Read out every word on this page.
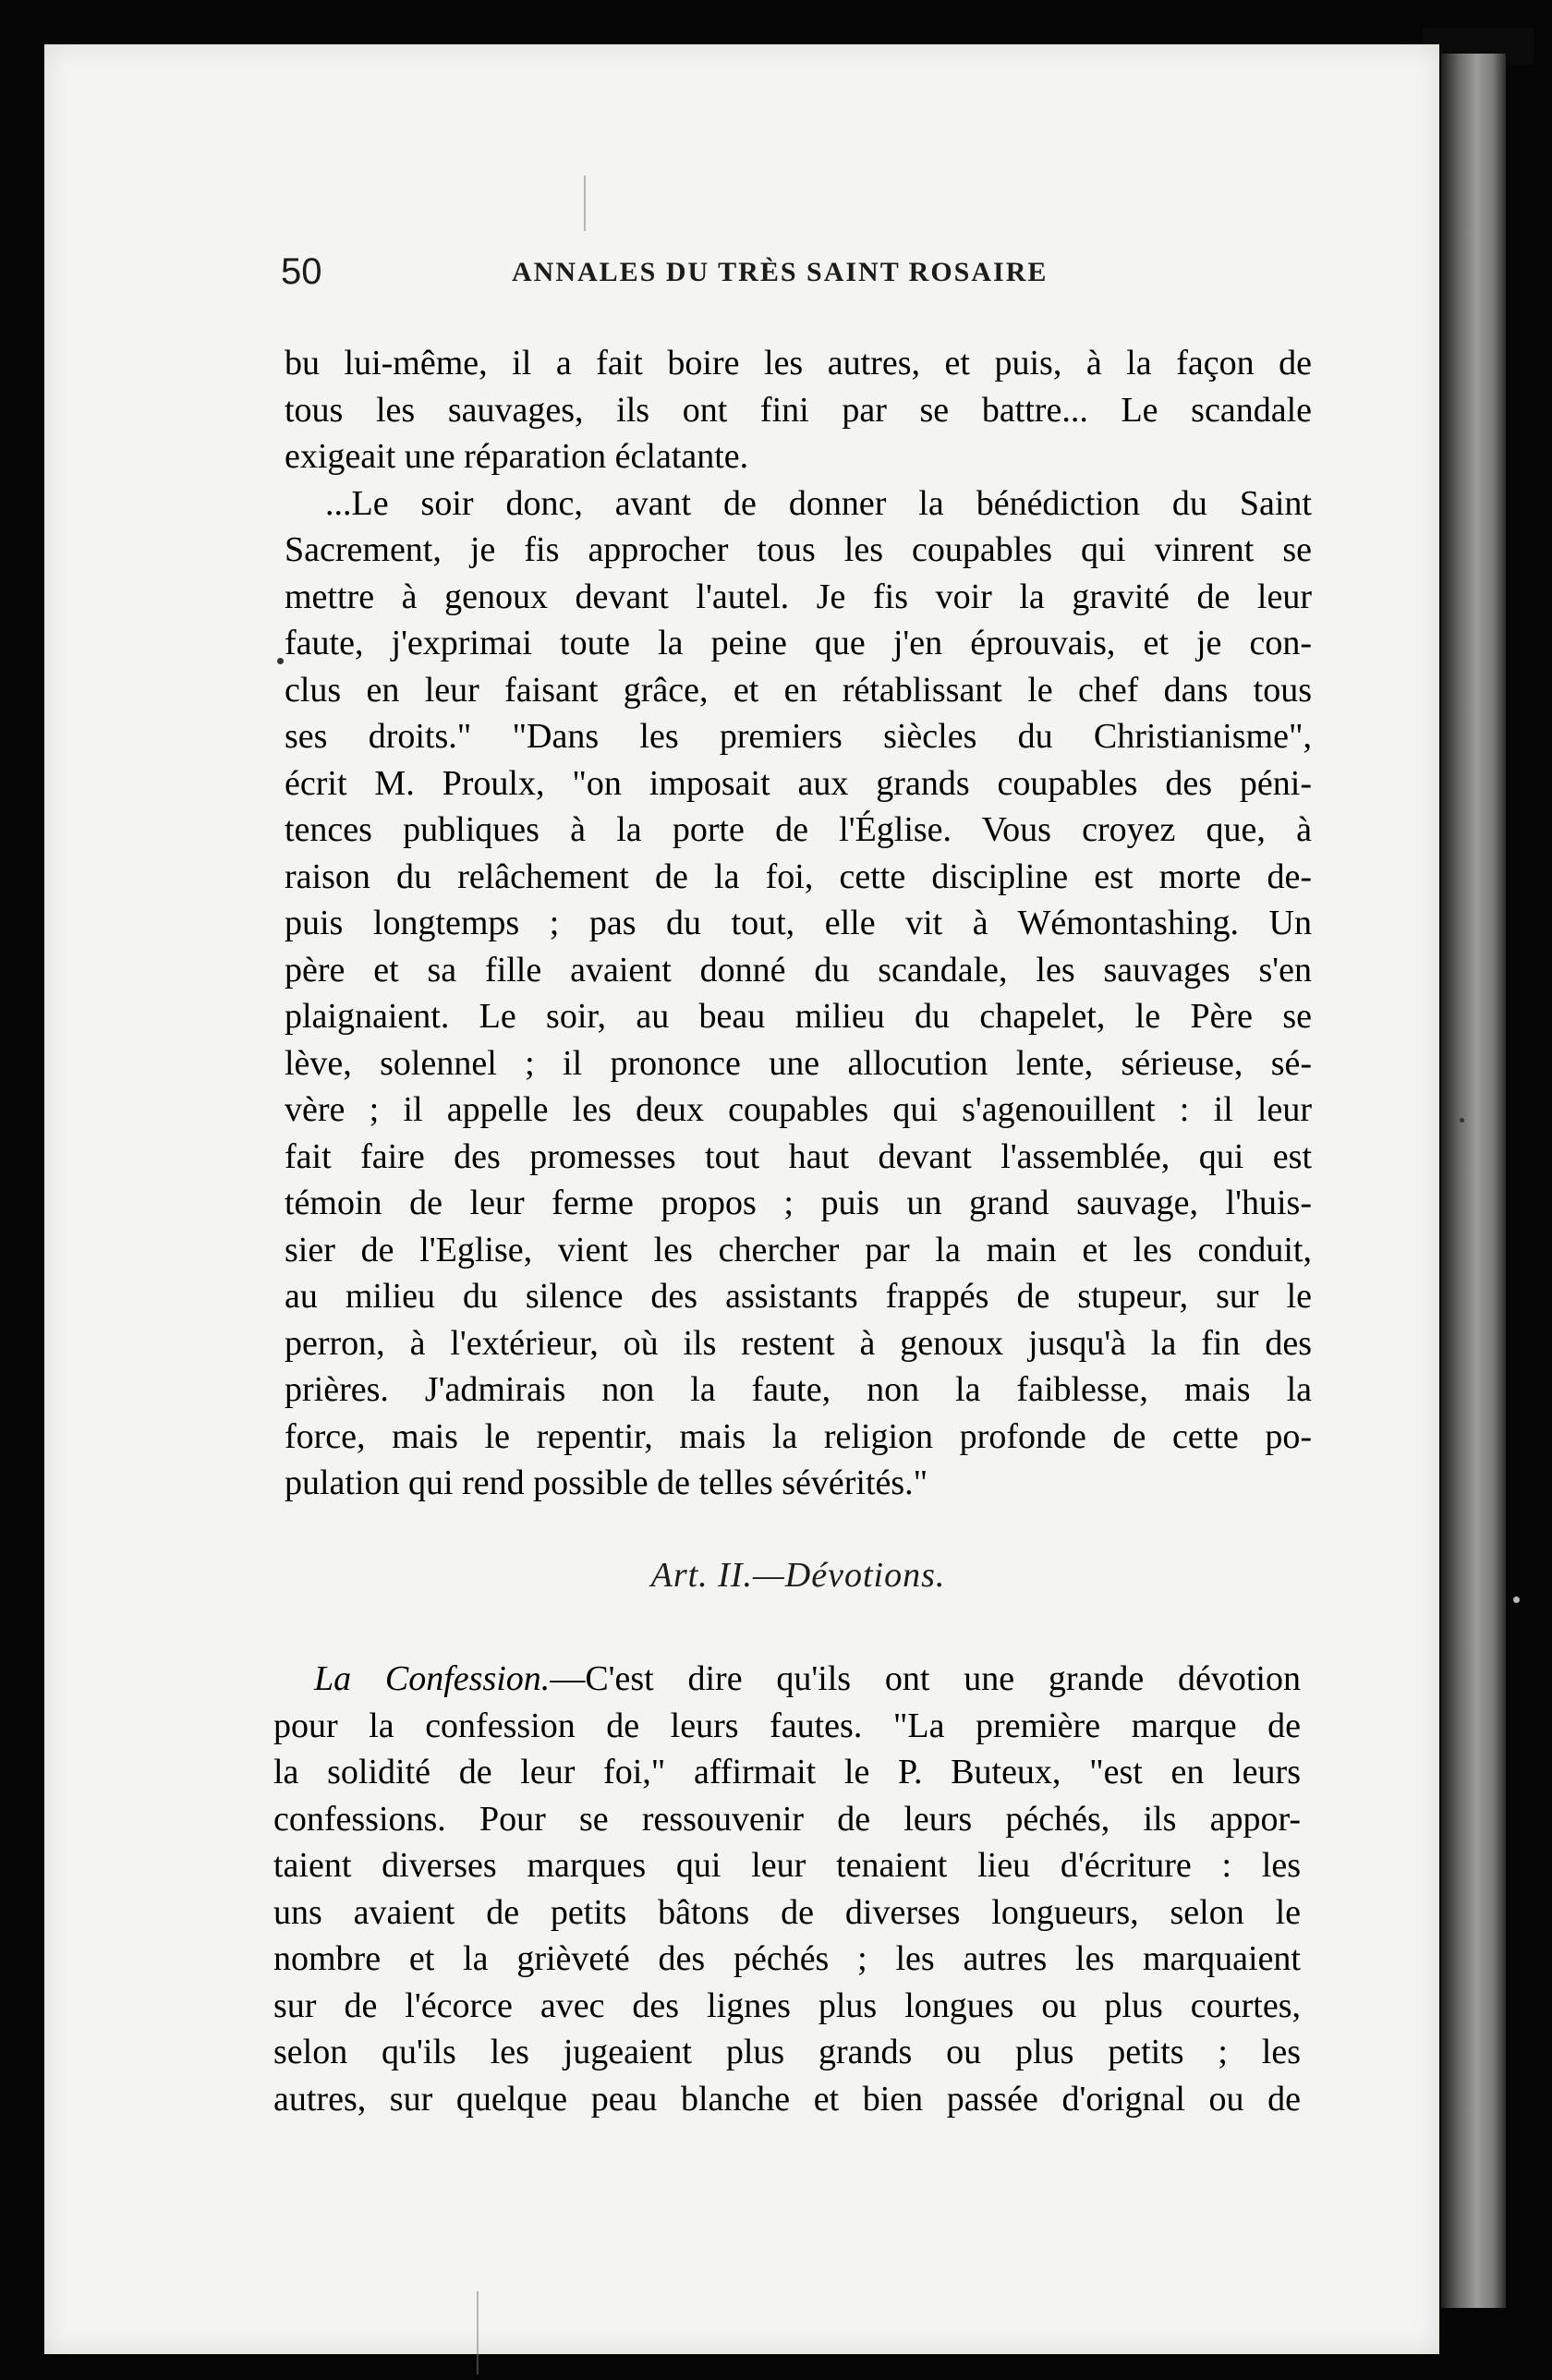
50	ANNALES DU TRÈS SAINT ROSAIRE
bu lui-même, il a fait boire les autres, et puis, à la façon de
tous les sauvages, ils ont fini par se battre... Le scandale
exigeait une réparation éclatante.
...Le soir donc, avant de donner la bénédiction du Saint
Sacrement, je fis approcher tous les coupables qui vinrent se
mettre à genoux devant l'autel. Je fis voir la gravité de leur
faute, j'exprimai toute la peine que j'en éprouvais, et je con-
clus en leur faisant grâce, et en rétablissant le chef dans tous
ses droits." "Dans les premiers siècles du Christianisme",
écrit M. Proulx, "on imposait aux grands coupables des péni-
tences publiques à la porte de l'Église. Vous croyez que, à
raison du relâchement de la foi, cette discipline est morte de-
puis longtemps ; pas du tout, elle vit à Wémontashing. Un
père et sa fille avaient donné du scandale, les sauvages s'en
plaignaient. Le soir, au beau milieu du chapelet, le Père se
lève, solennel ; il prononce une allocution lente, sérieuse, sé-
vère ; il appelle les deux coupables qui s'agenouillent : il leur
fait faire des promesses tout haut devant l'assemblée, qui est
témoin de leur ferme propos ; puis un grand sauvage, l'huis-
sier de l'Eglise, vient les chercher par la main et les conduit,
au milieu du silence des assistants frappés de stupeur, sur le
perron, à l'extérieur, où ils restent à genoux jusqu'à la fin des
prières. J'admirais non la faute, non la faiblesse, mais la
force, mais le repentir, mais la religion profonde de cette po-
pulation qui rend possible de telles sévérités."
Art. II.—Dévotions.
La Confession.—C'est dire qu'ils ont une grande dévotion
pour la confession de leurs fautes. "La première marque de
la solidité de leur foi," affirmait le P. Buteux, "est en leurs
confessions. Pour se ressouvenir de leurs péchés, ils appor-
taient diverses marques qui leur tenaient lieu d'écriture : les
uns avaient de petits bâtons de diverses longueurs, selon le
nombre et la grièveté des péchés ; les autres les marquaient
sur de l'écorce avec des lignes plus longues ou plus courtes,
selon qu'ils les jugeaient plus grands ou plus petits ; les
autres, sur quelque peau blanche et bien passée d'orignal ou de
